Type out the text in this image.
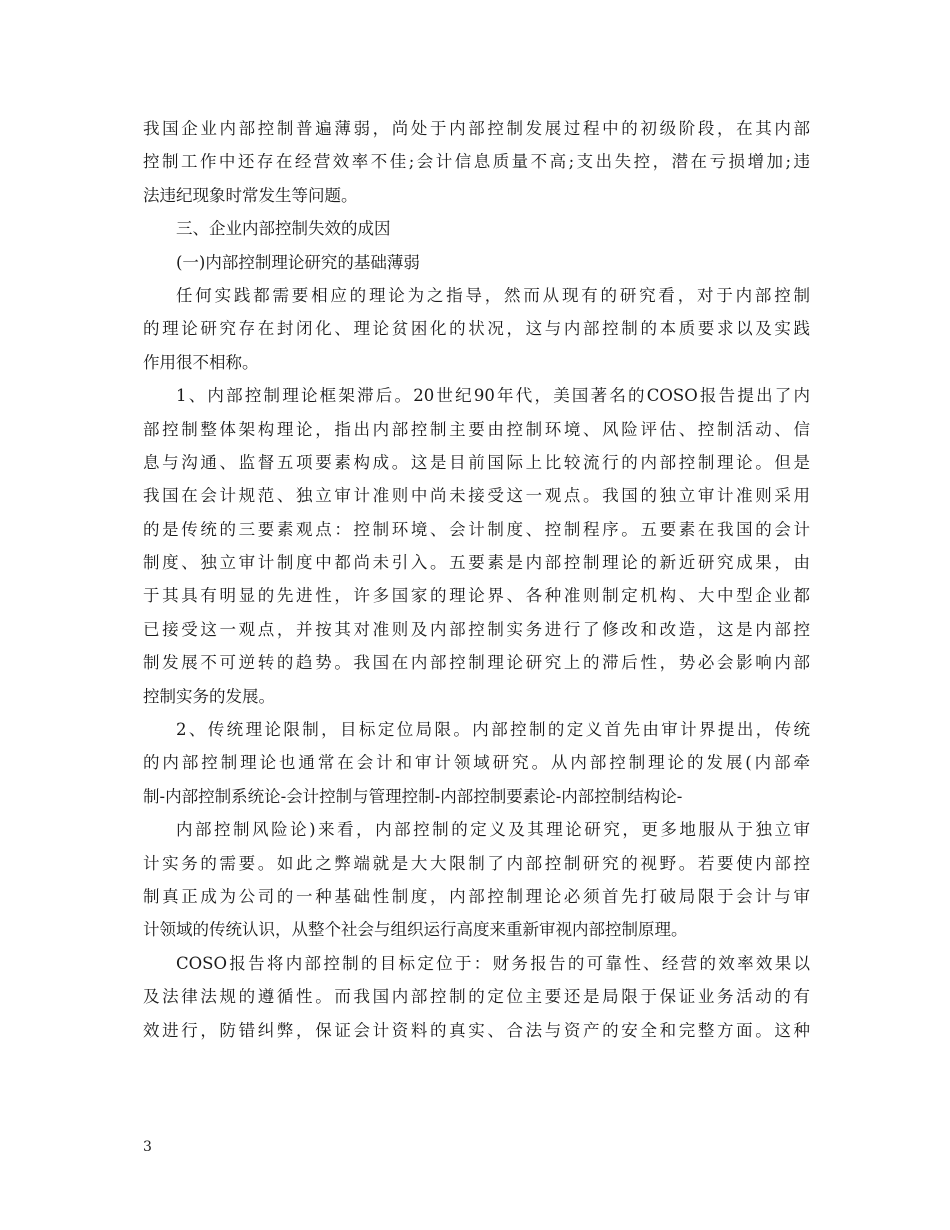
我国企业内部控制普遍薄弱，尚处于内部控制发展过程中的初级阶段，在其内部
控制工作中还存在经营效率不佳;会计信息质量不高;支出失控，潜在亏损增加;违
法违纪现象时常发生等问题。
三、企业内部控制失效的成因
(一)内部控制理论研究的基础薄弱
任何实践都需要相应的理论为之指导，然而从现有的研究看，对于内部控制
的理论研究存在封闭化、理论贫困化的状况，这与内部控制的本质要求以及实践
作用很不相称。
1、内部控制理论框架滞后。20世纪90年代，美国著名的COSO报告提出了内
部控制整体架构理论，指出内部控制主要由控制环境、风险评估、控制活动、信
息与沟通、监督五项要素构成。这是目前国际上比较流行的内部控制理论。但是
我国在会计规范、独立审计准则中尚未接受这一观点。我国的独立审计准则采用
的是传统的三要素观点：控制环境、会计制度、控制程序。五要素在我国的会计
制度、独立审计制度中都尚未引入。五要素是内部控制理论的新近研究成果，由
于其具有明显的先进性，许多国家的理论界、各种准则制定机构、大中型企业都
已接受这一观点，并按其对准则及内部控制实务进行了修改和改造，这是内部控
制发展不可逆转的趋势。我国在内部控制理论研究上的滞后性，势必会影响内部
控制实务的发展。
2、传统理论限制，目标定位局限。内部控制的定义首先由审计界提出，传统
的内部控制理论也通常在会计和审计领域研究。从内部控制理论的发展(内部牵
制-内部控制系统论-会计控制与管理控制-内部控制要素论-内部控制结构论-
内部控制风险论)来看，内部控制的定义及其理论研究，更多地服从于独立审
计实务的需要。如此之弊端就是大大限制了内部控制研究的视野。若要使内部控
制真正成为公司的一种基础性制度，内部控制理论必须首先打破局限于会计与审
计领域的传统认识，从整个社会与组织运行高度来重新审视内部控制原理。
COSO报告将内部控制的目标定位于：财务报告的可靠性、经营的效率效果以
及法律法规的遵循性。而我国内部控制的定位主要还是局限于保证业务活动的有
效进行，防错纠弊，保证会计资料的真实、合法与资产的安全和完整方面。这种
3
